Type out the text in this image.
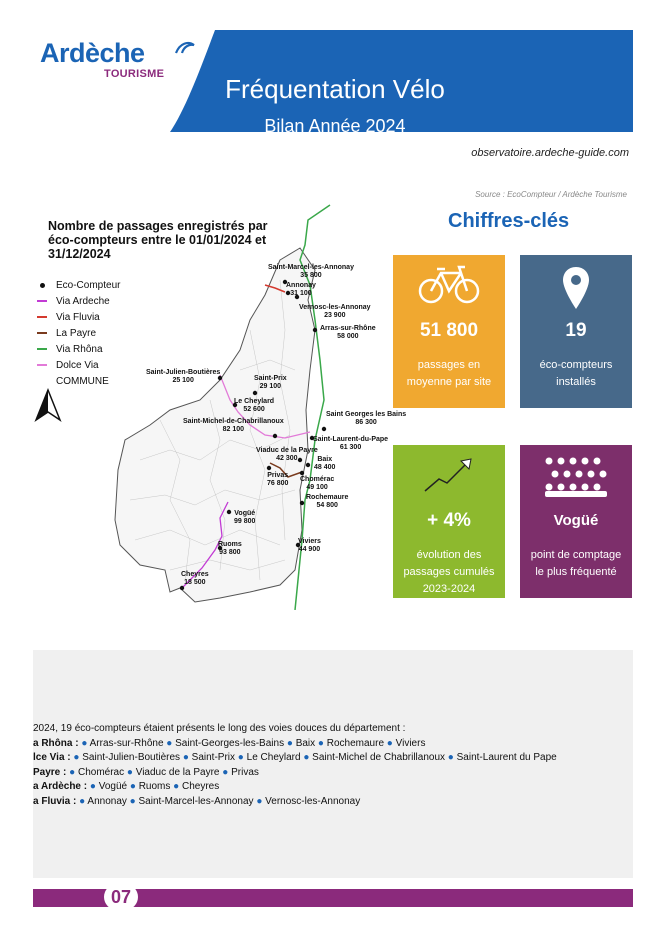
Ardèche
TOURISME	Fréquentation Vélo
Bilan Année 2024
observatoire.ardeche-guide.com
Source : EcoCompteur / Ardèche Tourisme
Nombre de passages enregistrés par éco-compteurs entre le 01/01/2024 et 31/12/2024
Eco-Compteur
Via Ardeche
Via Fluvia
La Payre
Via Rhôna
Dolce Via
COMMUNE
Saint-Marcel-les-Annonay
35 800
Annonay
31 100
Vernosc-les-Annonay
23 900
Arras-sur-Rhône
58 000
Saint-Julien-Boutières
25 100	Saint-Prix
29 100
Le Cheylard
52 600
Saint-Michel-de-Chabrillanoux
82 100
Saint Georges les Bains
86 300
Saint-Laurent-du-Pape
61 300
Viaduc de la Payre
42 300	Baix
48 400
Privas
76 800
Chomérac
49 100
Rochemaure
54 800
Vogüé
99 800
Viviers
44 900
Ruoms
93 800
Cheyres
18 500
Chiffres-clés
51 800
passages en
moyenne par site
19
éco-compteurs
installés
+ 4%
évolution des
passages cumulés
2023-2024
Vogüé
point de comptage
le plus fréquenté
2024, 19 éco-compteurs étaient présents le long des voies douces du département :
a Rhôna : ● Arras-sur-Rhône ● Saint-Georges-les-Bains ● Baix ● Rochemaure ● Viviers
lce Via : ● Saint-Julien-Boutières ● Saint-Prix ● Le Cheylard ● Saint-Michel de Chabrillanoux ● Saint-Laurent du Pape
Payre : ● Chomérac ● Viaduc de la Payre ● Privas
a Ardèche : ● Vogüé ● Ruoms ● Cheyres
a Fluvia : ● Annonay ● Saint-Marcel-les-Annonay ● Vernosc-les-Annonay
07
